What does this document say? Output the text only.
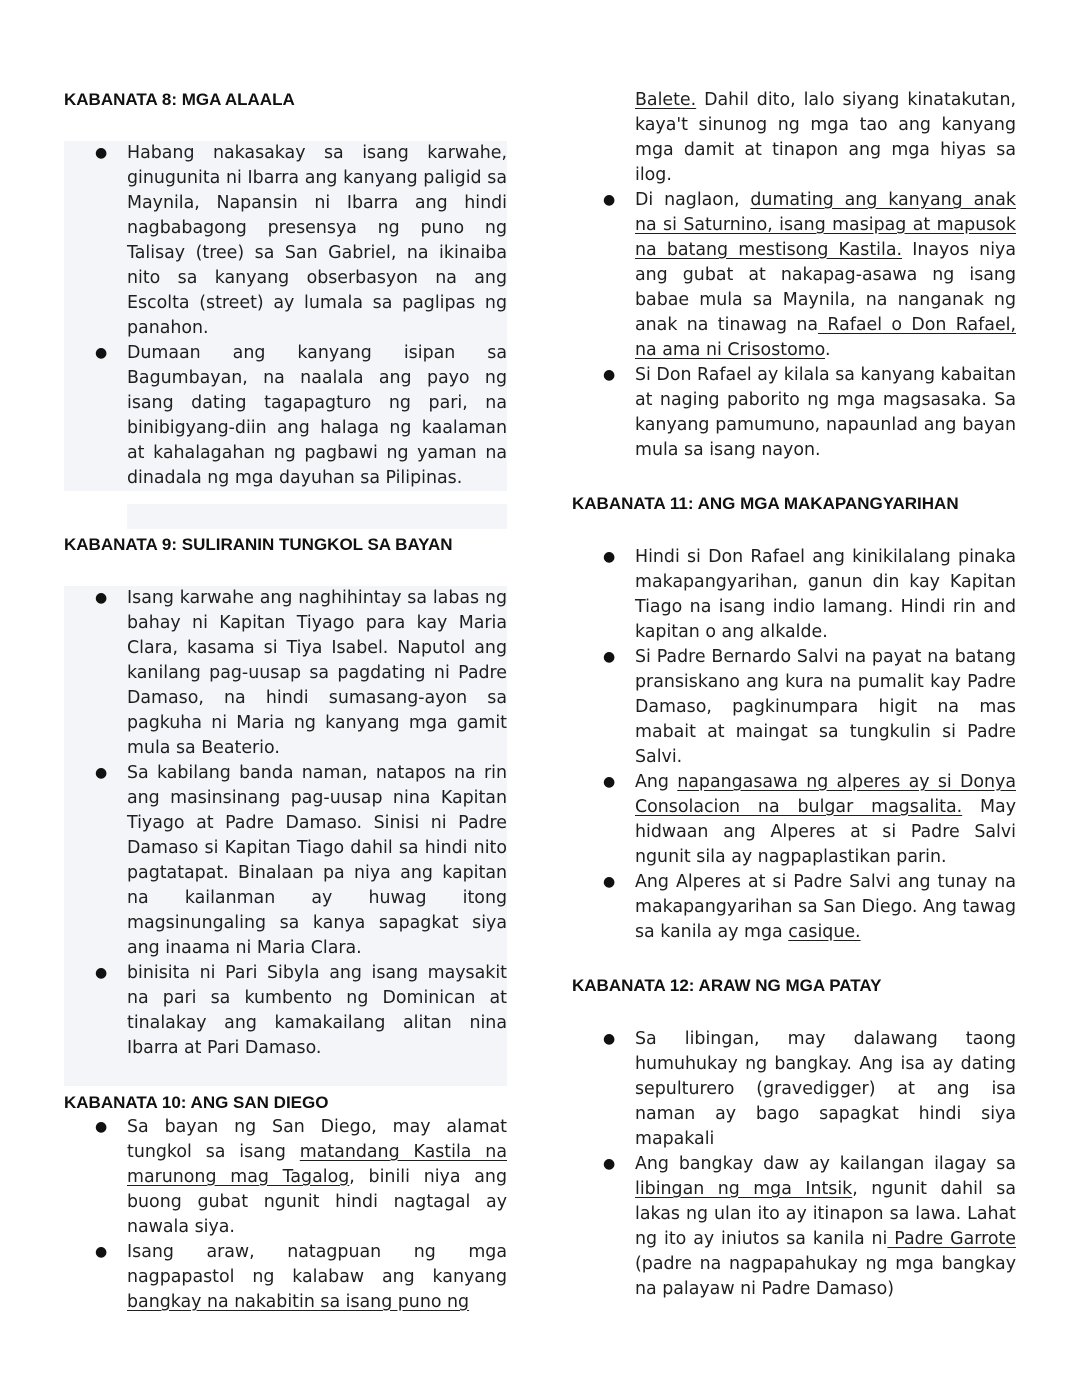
KABANATA 8: MGA ALAALA
● Habang nakasakay sa isang karwahe, ginugunita ni Ibarra ang kanyang paligid sa Maynila, Napansin ni Ibarra ang hindi nagbabagong presensya ng puno ng Talisay (tree) sa San Gabriel, na ikinaiba nito sa kanyang obserbasyon na ang Escolta (street) ay lumala sa paglipas ng panahon.
● Dumaan ang kanyang isipan sa Bagumbayan, na naalala ang payo ng isang dating tagapagturo ng pari, na binibigyang-diin ang halaga ng kaalaman at kahalagahan ng pagbawi ng yaman na dinadala ng mga dayuhan sa Pilipinas.
KABANATA 9: SULIRANIN TUNGKOL SA BAYAN
● Isang karwahe ang naghihintay sa labas ng bahay ni Kapitan Tiyago para kay Maria Clara, kasama si Tiya Isabel. Naputol ang kanilang pag-uusap sa pagdating ni Padre Damaso, na hindi sumasang-ayon sa pagkuha ni Maria ng kanyang mga gamit mula sa Beaterio.
● Sa kabilang banda naman, natapos na rin ang masinsinang pag-uusap nina Kapitan Tiyago at Padre Damaso. Sinisi ni Padre Damaso si Kapitan Tiago dahil sa hindi nito pagtatapat. Binalaan pa niya ang kapitan na kailanman ay huwag itong magsinungaling sa kanya sapagkat siya ang inaama ni Maria Clara.
● binisita ni Pari Sibyla ang isang maysakit na pari sa kumbento ng Dominican at tinalakay ang kamakailang alitan nina Ibarra at Pari Damaso.
KABANATA 10: ANG SAN DIEGO
● Sa bayan ng San Diego, may alamat tungkol sa isang matandang Kastila na marunong mag Tagalog, binili niya ang buong gubat ngunit hindi nagtagal ay nawala siya.
● Isang araw, natagpuan ng mga nagpapastol ng kalabaw ang kanyang bangkay na nakabitin sa isang puno ng
Balete. Dahil dito, lalo siyang kinatakutan, kaya't sinunog ng mga tao ang kanyang mga damit at tinapon ang mga hiyas sa ilog.
● Di naglaon, dumating ang kanyang anak na si Saturnino, isang masipag at mapusok na batang mestisong Kastila. Inayos niya ang gubat at nakapag-asawa ng isang babae mula sa Maynila, na nanganak ng anak na tinawag na Rafael o Don Rafael, na ama ni Crisostomo.
● Si Don Rafael ay kilala sa kanyang kabaitan at naging paborito ng mga magsasaka. Sa kanyang pamumuno, napaunlad ang bayan mula sa isang nayon.
KABANATA 11: ANG MGA MAKAPANGYARIHAN
● Hindi si Don Rafael ang kinikilalang pinaka makapangyarihan, ganun din kay Kapitan Tiago na isang indio lamang. Hindi rin and kapitan o ang alkalde.
● Si Padre Bernardo Salvi na payat na batang pransiskano ang kura na pumalit kay Padre Damaso, pagkinumpara higit na mas mabait at maingat sa tungkulin si Padre Salvi.
● Ang napangasawa ng alperes ay si Donya Consolacion na bulgar magsalita. May hidwaan ang Alperes at si Padre Salvi ngunit sila ay nagpaplastikan parin.
● Ang Alperes at si Padre Salvi ang tunay na makapangyarihan sa San Diego. Ang tawag sa kanila ay mga casique.
KABANATA 12: ARAW NG MGA PATAY
● Sa libingan, may dalawang taong humuhukay ng bangkay. Ang isa ay dating sepulturero (gravedigger) at ang isa naman ay bago sapagkat hindi siya mapakali
● Ang bangkay daw ay kailangan ilagay sa libingan ng mga Intsik, ngunit dahil sa lakas ng ulan ito ay itinapon sa lawa. Lahat ng ito ay iniutos sa kanila ni Padre Garrote (padre na nagpapahukay ng mga bangkay na palayaw ni Padre Damaso)
